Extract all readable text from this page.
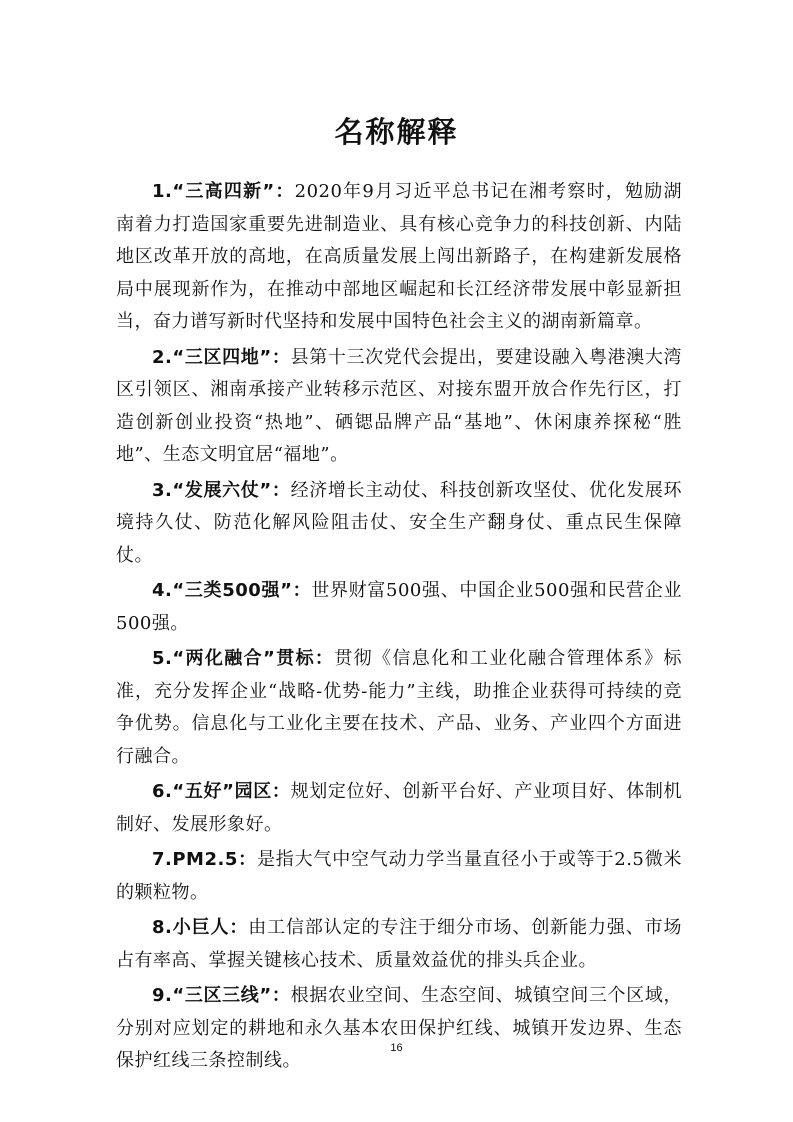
名称解释

1.“三高四新”：2020年9月习近平总书记在湘考察时，勉励湖南着力打造国家重要先进制造业、具有核心竞争力的科技创新、内陆地区改革开放的高地，在高质量发展上闯出新路子，在构建新发展格局中展现新作为，在推动中部地区崛起和长江经济带发展中彰显新担当，奋力谱写新时代坚持和发展中国特色社会主义的湖南新篇章。

2.“三区四地”：县第十三次党代会提出，要建设融入粤港澳大湾区引领区、湘南承接产业转移示范区、对接东盟开放合作先行区，打造创新创业投资“热地”、硒锶品牌产品“基地”、休闲康养探秘“胜地”、生态文明宜居“福地”。

3.“发展六仗”：经济增长主动仗、科技创新攻坚仗、优化发展环境持久仗、防范化解风险阻击仗、安全生产翻身仗、重点民生保障仗。

4.“三类500强”：世界财富500强、中国企业500强和民营企业500强。

5.“两化融合”贯标：贯彻《信息化和工业化融合管理体系》标准，充分发挥企业“战略-优势-能力”主线，助推企业获得可持续的竞争优势。信息化与工业化主要在技术、产品、业务、产业四个方面进行融合。

6.“五好”园区：规划定位好、创新平台好、产业项目好、体制机制好、发展形象好。

7.PM2.5：是指大气中空气动力学当量直径小于或等于2.5微米的颗粒物。

8.小巨人：由工信部认定的专注于细分市场、创新能力强、市场占有率高、掌握关键核心技术、质量效益优的排头兵企业。

9.“三区三线”：根据农业空间、生态空间、城镇空间三个区域，分别对应划定的耕地和永久基本农田保护红线、城镇开发边界、生态保护红线三条控制线。

16
